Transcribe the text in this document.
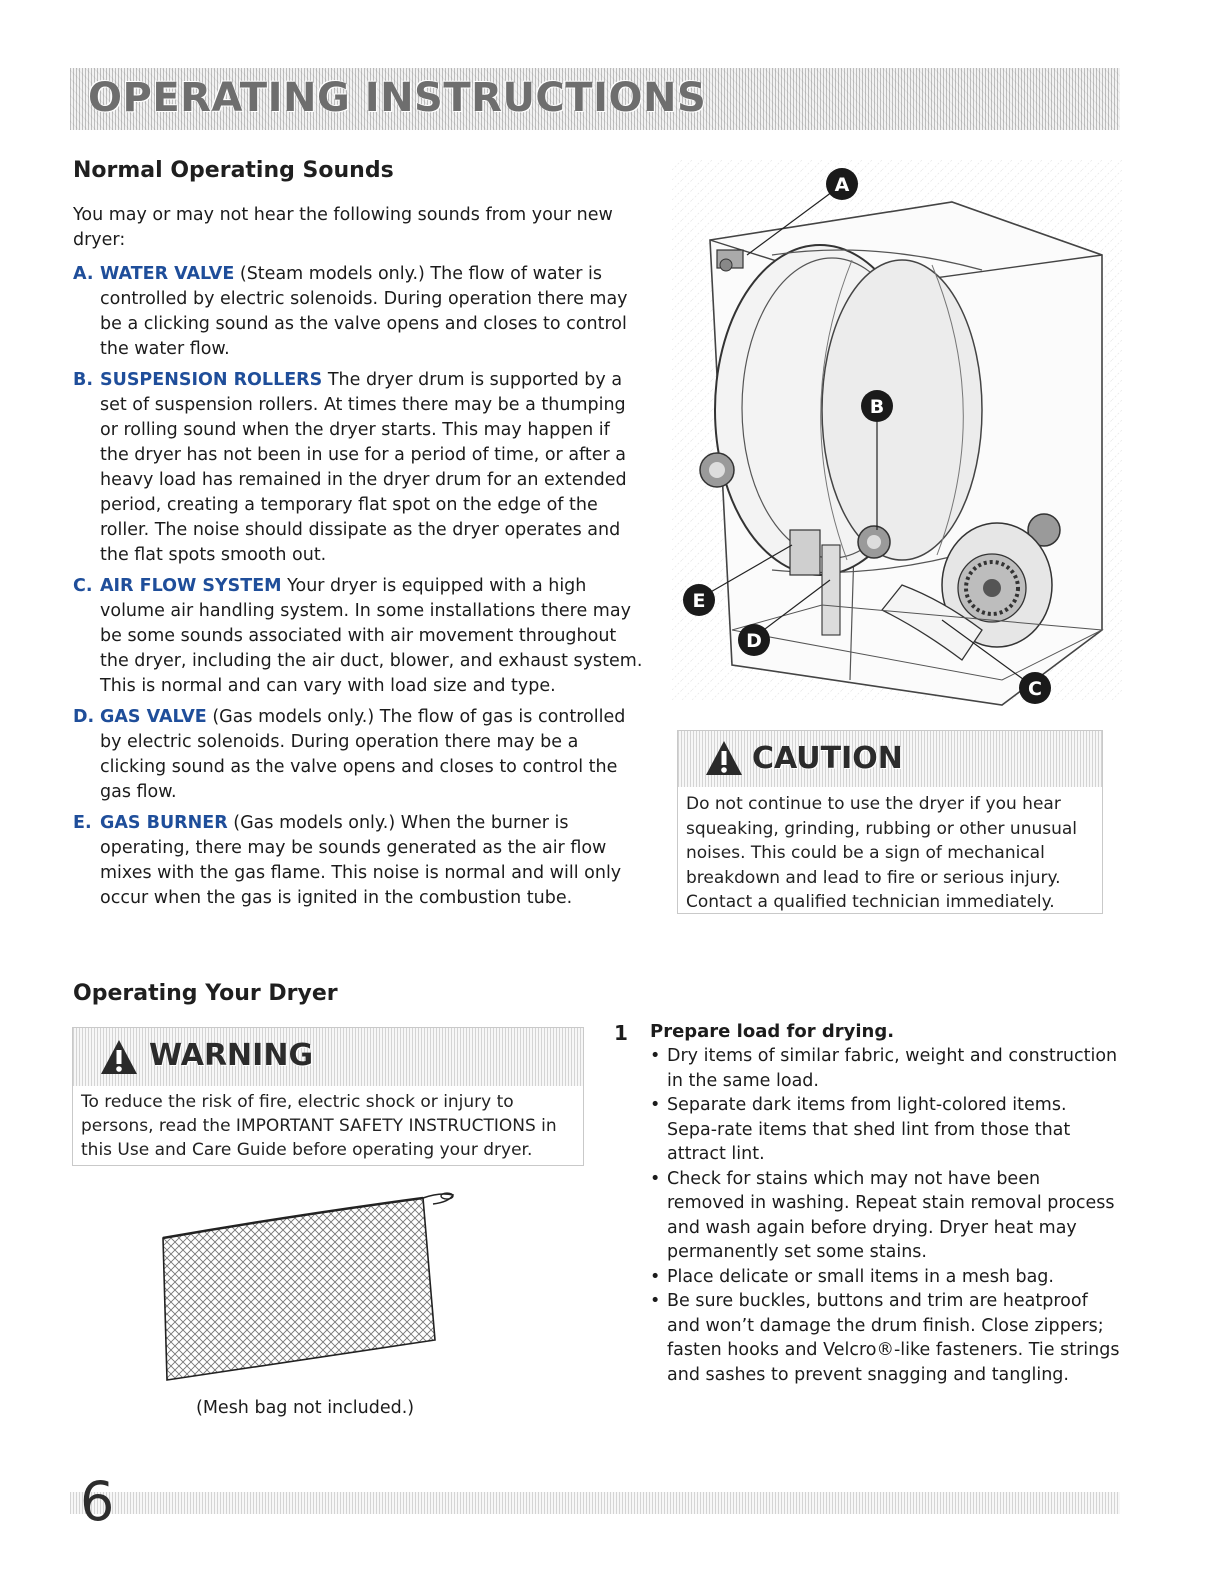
OPERATING INSTRUCTIONS
Normal Operating Sounds
You may or may not hear the following sounds from your new dryer:
A. WATER VALVE (Steam models only.) The flow of water is controlled by electric solenoids. During operation there may be a clicking sound as the valve opens and closes to control the water flow.
B. SUSPENSION ROLLERS The dryer drum is supported by a set of suspension rollers. At times there may be a thumping or rolling sound when the dryer starts. This may happen if the dryer has not been in use for a period of time, or after a heavy load has remained in the dryer drum for an extended period, creating a temporary flat spot on the edge of the roller. The noise should dissipate as the dryer operates and the flat spots smooth out.
C. AIR FLOW SYSTEM Your dryer is equipped with a high volume air handling system. In some installations there may be some sounds associated with air movement throughout the dryer, including the air duct, blower, and exhaust system. This is normal and can vary with load size and type.
D. GAS VALVE (Gas models only.) The flow of gas is controlled by electric solenoids. During operation there may be a clicking sound as the valve opens and closes to control the gas flow.
E. GAS BURNER (Gas models only.) When the burner is operating, there may be sounds generated as the air flow mixes with the gas flame. This noise is normal and will only occur when the gas is ignited in the combustion tube.
A
B
C
D
E
CAUTION
Do not continue to use the dryer if you hear squeaking, grinding, rubbing or other unusual noises. This could be a sign of mechanical breakdown and lead to fire or serious injury. Contact a qualified technician immediately.
Operating Your Dryer
WARNING
To reduce the risk of fire, electric shock or injury to persons, read the IMPORTANT SAFETY INSTRUCTIONS in this Use and Care Guide before operating your dryer.
(Mesh bag not included.)
1 Prepare load for drying.
• Dry items of similar fabric, weight and construction in the same load.
• Separate dark items from light-colored items. Sepa-rate items that shed lint from those that attract lint.
• Check for stains which may not have been removed in washing. Repeat stain removal process and wash again before drying. Dryer heat may permanently set some stains.
• Place delicate or small items in a mesh bag.
• Be sure buckles, buttons and trim are heatproof and won’t damage the drum finish. Close zippers; fasten hooks and Velcro®-like fasteners. Tie strings and sashes to prevent snagging and tangling.
6
